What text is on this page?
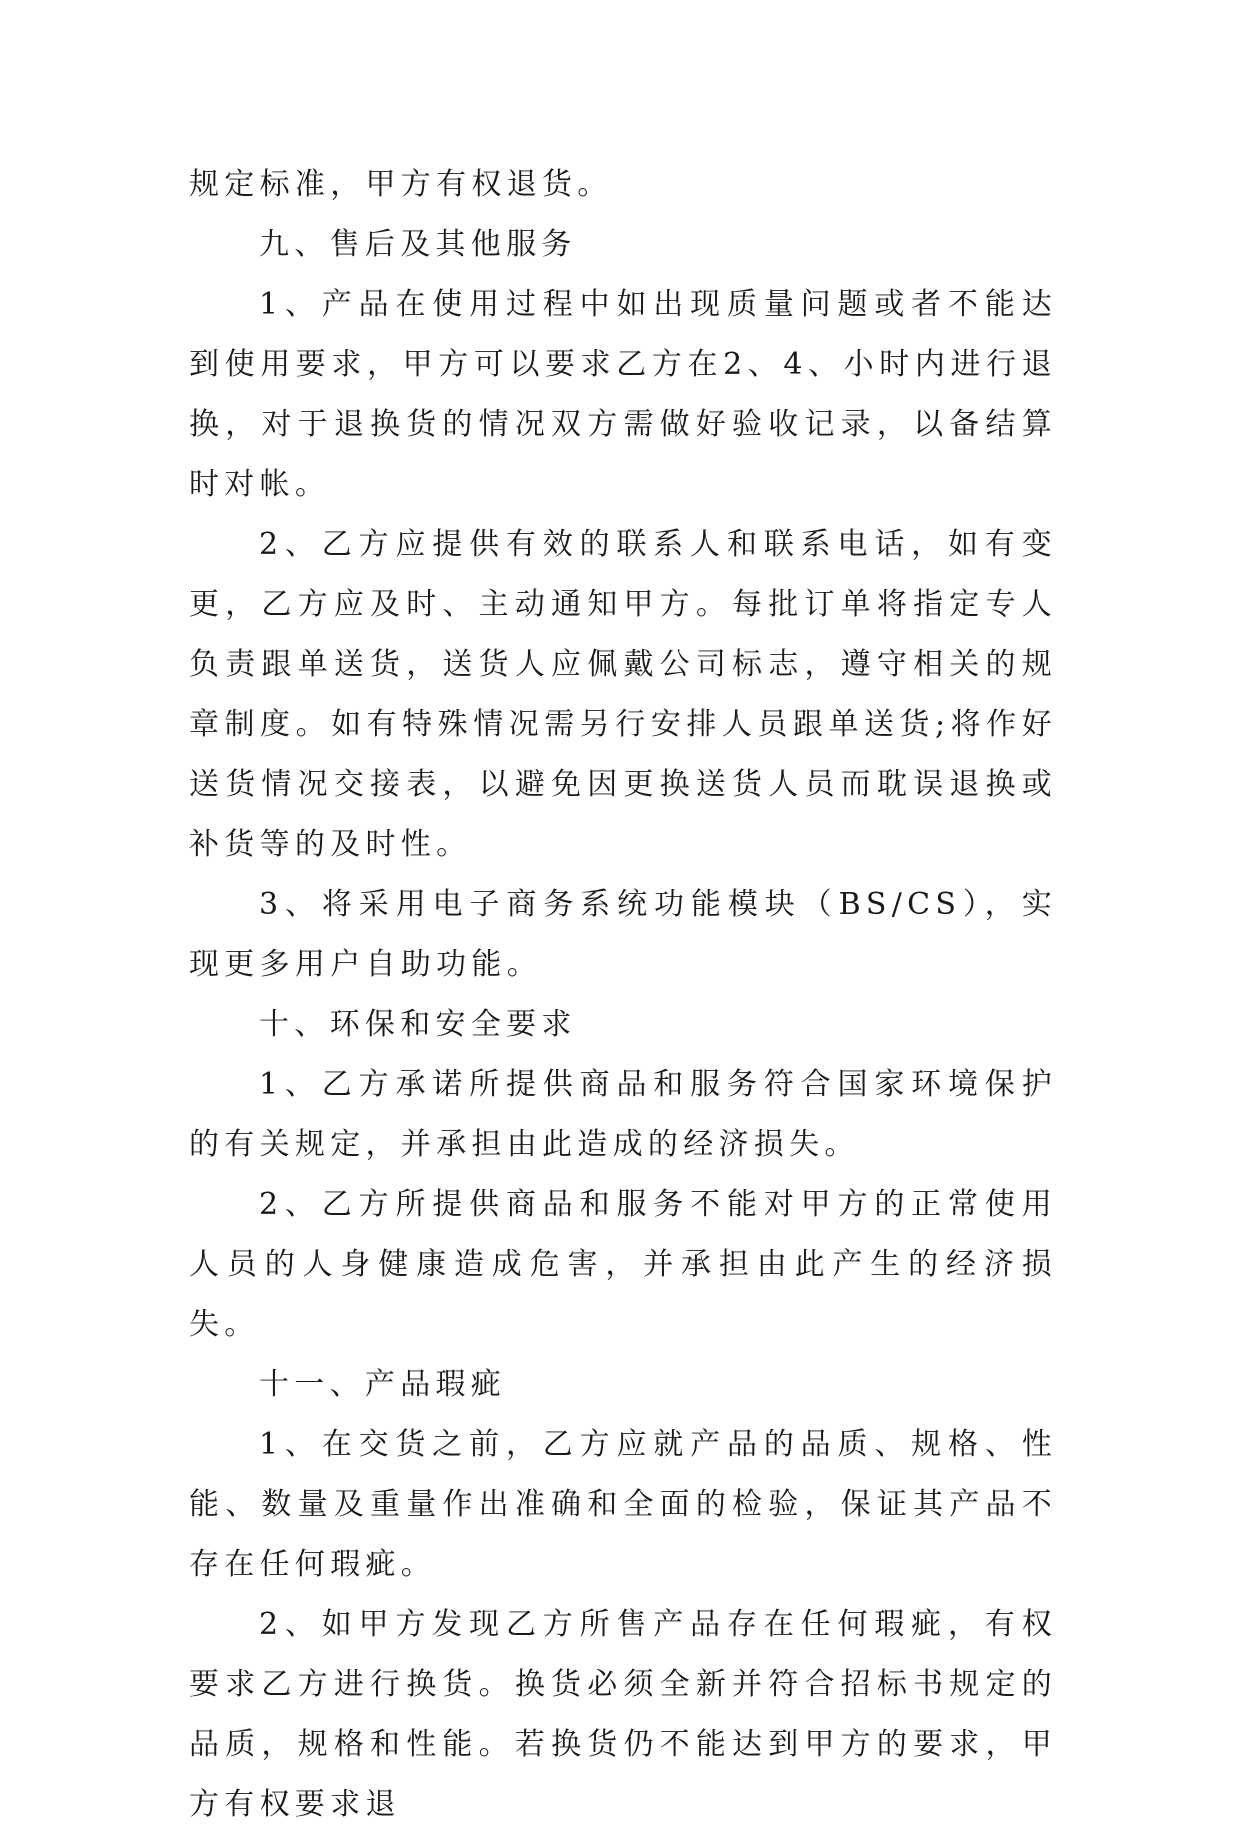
规定标准，甲方有权退货。

九、售后及其他服务

1、产品在使用过程中如出现质量问题或者不能达到使用要求，甲方可以要求乙方在2、4、小时内进行退换，对于退换货的情况双方需做好验收记录，以备结算时对帐。

2、乙方应提供有效的联系人和联系电话，如有变更，乙方应及时、主动通知甲方。每批订单将指定专人负责跟单送货，送货人应佩戴公司标志，遵守相关的规章制度。如有特殊情况需另行安排人员跟单送货;将作好送货情况交接表，以避免因更换送货人员而耽误退换或补货等的及时性。

3、将采用电子商务系统功能模块（BS/CS），实现更多用户自助功能。

十、环保和安全要求

1、乙方承诺所提供商品和服务符合国家环境保护的有关规定，并承担由此造成的经济损失。

2、乙方所提供商品和服务不能对甲方的正常使用人员的人身健康造成危害，并承担由此产生的经济损失。

十一、产品瑕疵

1、在交货之前，乙方应就产品的品质、规格、性能、数量及重量作出准确和全面的检验，保证其产品不存在任何瑕疵。

2、如甲方发现乙方所售产品存在任何瑕疵，有权要求乙方进行换货。换货必须全新并符合招标书规定的品质，规格和性能。若换货仍不能达到甲方的要求，甲方有权要求退
